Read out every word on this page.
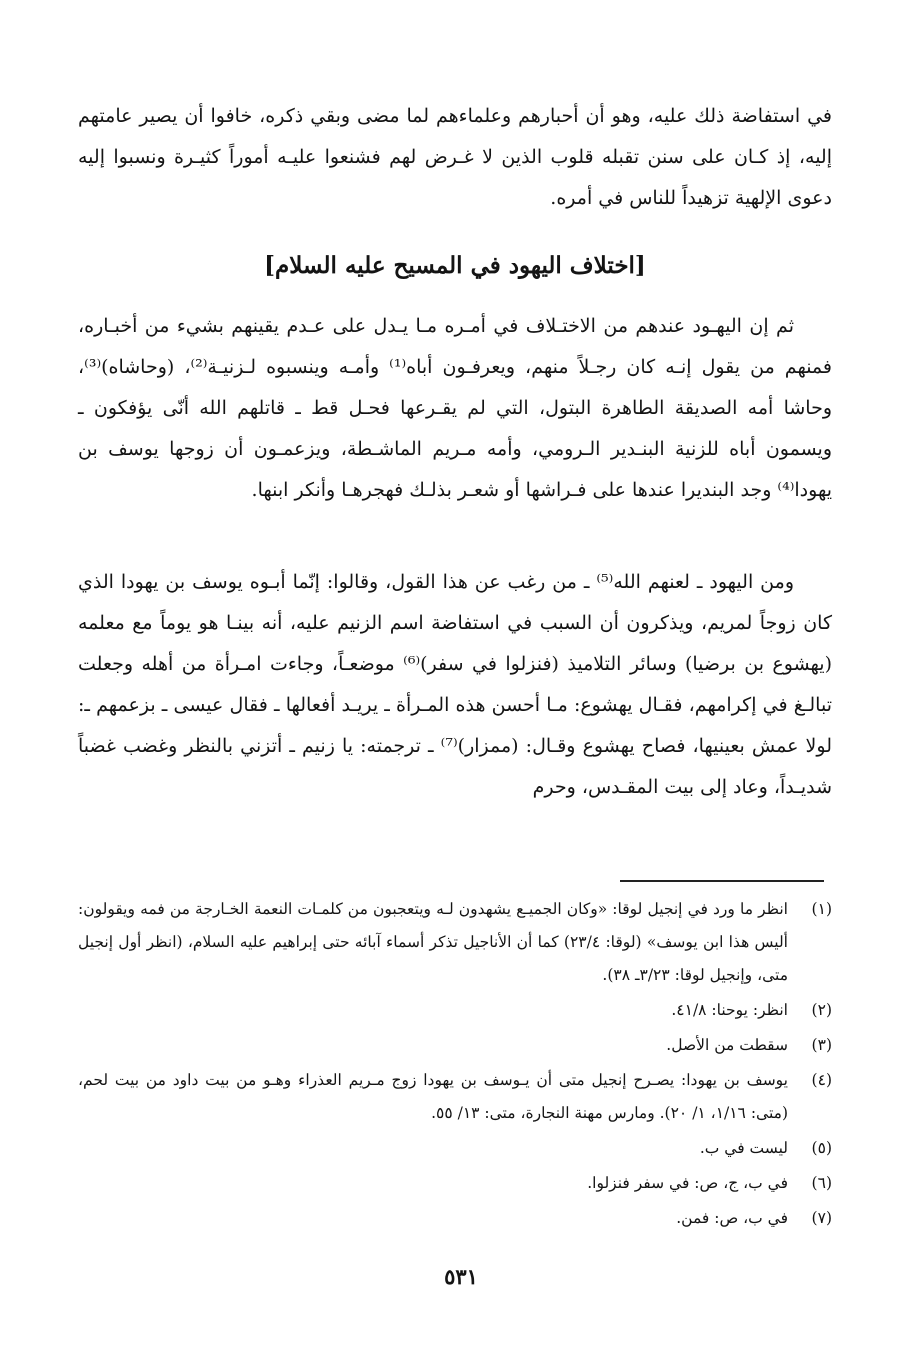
في استفاضة ذلك عليه، وهو أن أحبارهم وعلماءهم لما مضى وبقي ذكره، خافوا أن يصير عامتهم إليه، إذ كـان على سنن تقبله قلوب الذين لا غـرض لهم فشنعوا عليـه أموراً كثيـرة ونسبوا إليه دعوى الإلهية تزهيداً للناس في أمره.

[اختلاف اليهود في المسيح عليه السلام]

ثم إن اليهـود عندهم من الاختـلاف في أمـره مـا يـدل على عـدم يقينهم بشيء من أخبـاره، فمنهم من يقول إنـه كان رجـلاً منهم، ويعرفـون أباه⁽¹⁾ وأمـه وينسبوه لـزنيـة⁽²⁾، (وحاشاه)⁽³⁾، وحاشا أمه الصديقة الطاهرة البتول، التي لم يقـرعها فحـل قط ـ قاتلهم الله أنّى يؤفكون ـ ويسمون أباه للزنية البنـدير الـرومي، وأمه مـريم الماشـطة، ويزعمـون أن زوجها يوسف بن يهودا⁽⁴⁾ وجد البنديرا عندها على فـراشها أو شعـر بذلـك فهجرهـا وأنكر ابنها.

ومن اليهود ـ لعنهم الله⁽⁵⁾ ـ من رغب عن هذا القول، وقالوا: إنّما أبـوه يوسف بن يهودا الذي كان زوجاً لمريم، ويذكرون أن السبب في استفاضة اسم الزنيم عليه، أنه بينـا هو يوماً مع معلمه (يهشوع بن برضيا) وسائر التلاميذ (فنزلوا في سفر)⁽⁶⁾ موضعـاً، وجاءت امـرأة من أهله وجعلت تبالـغ في إكرامهم، فقـال يهشوع: مـا أحسن هذه المـرأة ـ يريـد أفعالها ـ فقال عيسى ـ بزعمهم ـ: لولا عمش بعينيها، فصاح يهشوع وقـال: (ممزار)⁽⁷⁾ ـ ترجمته: يا زنيم ـ أتزني بالنظر وغضب غضباً شديـداً، وعاد إلى بيت المقـدس، وحرم

(١)
انظر ما ورد في إنجيل لوقا: «وكان الجميـع يشهدون لـه ويتعجبون من كلمـات النعمة الخـارجة من فمه ويقولون: أليس هذا ابن يوسف» (لوقا: ٢٣/٤) كما أن الأناجيل تذكر أسماء آبائه حتى إبراهيم عليه السلام، (انظر أول إنجيل متى، وإنجيل لوقا: ٣/٢٣ـ ٣٨).
(٢)
انظر: يوحنا: ٤١/٨.
(٣)
سقطت من الأصل.
(٤)
يوسف بن يهودا: يصـرح إنجيل متى أن يـوسف بن يهودا زوج مـريم العذراء وهـو من بيت داود من بيت لحم، (متى: ١/١٦، ١/ ٢٠). ومارس مهنة النجارة، متى: ١٣/ ٥٥.
(٥)
ليست في ب.
(٦)
في ب، ج، ص: في سفر فنزلوا.
(٧)
في ب، ص: فمن.
٥٣١
